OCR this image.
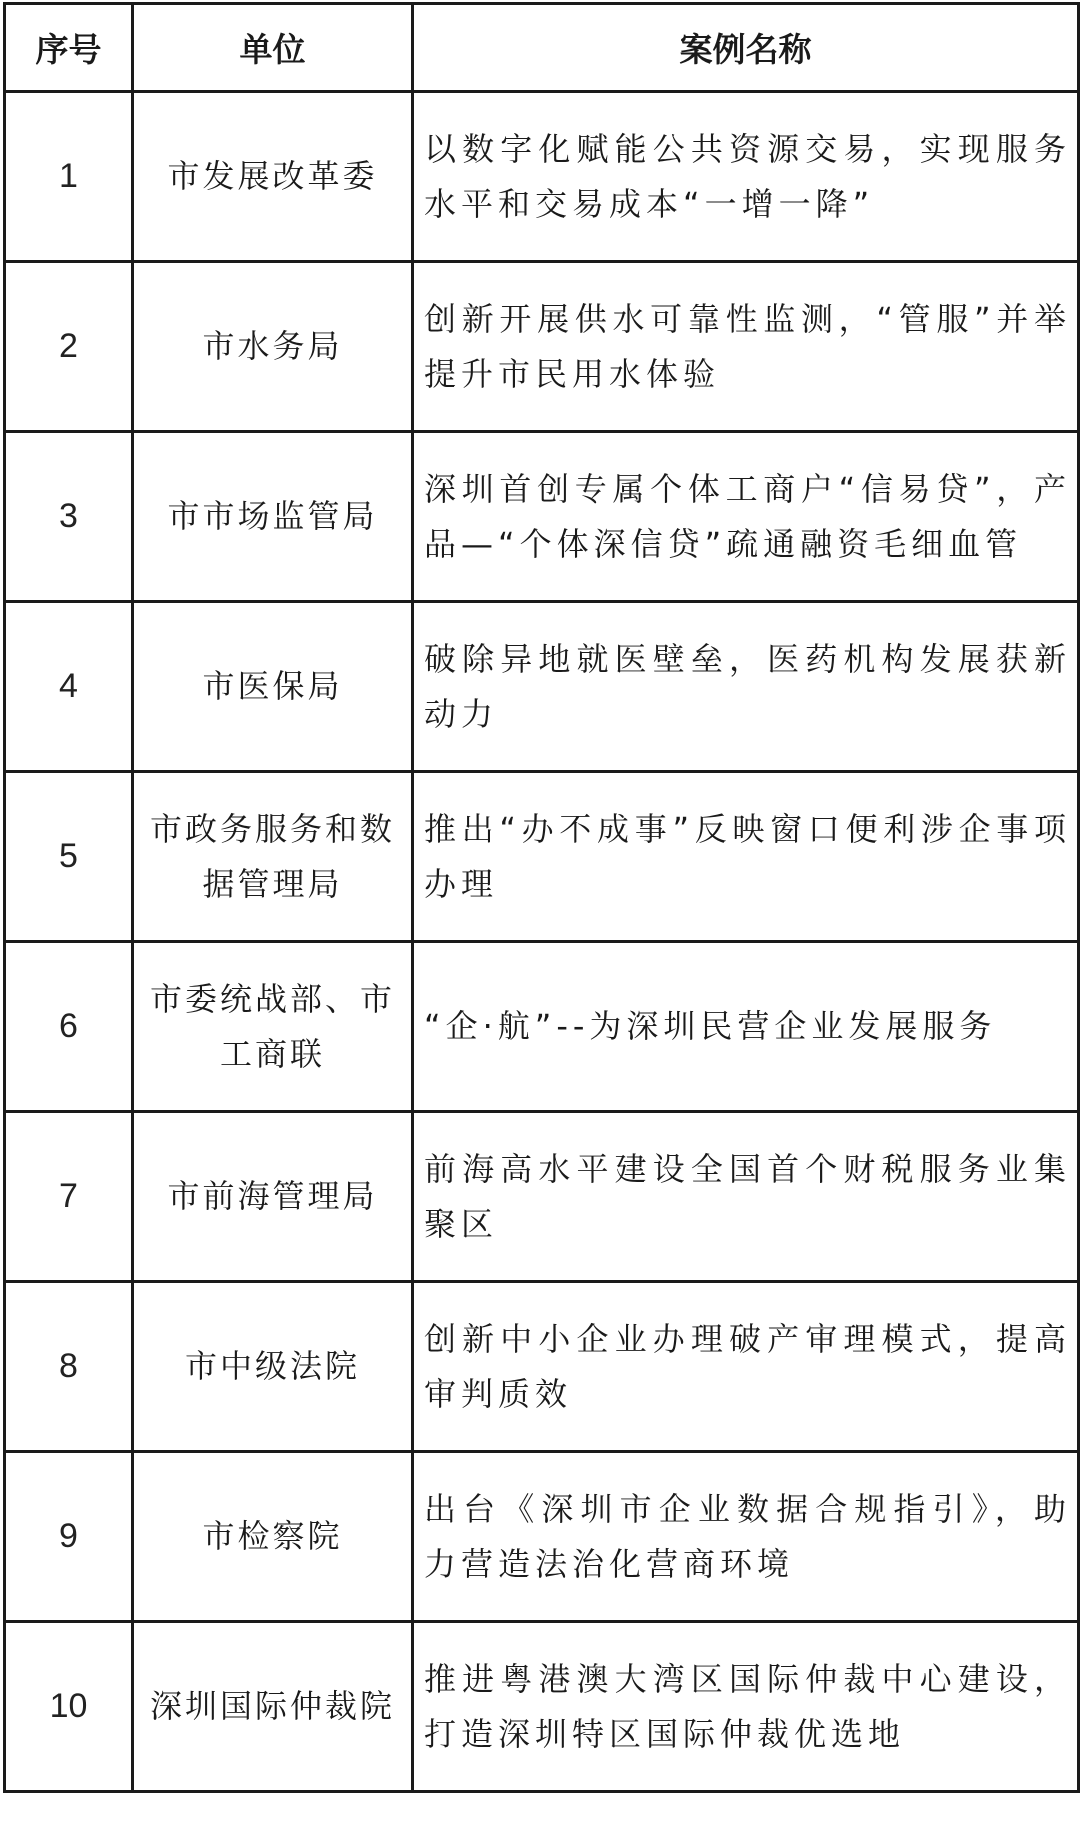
序号	单位	案例名称
1	市发展改革委	以数字化赋能公共资源交易，实现服务水平和交易成本“一增一降”
2	市水务局	创新开展供水可靠性监测，“管服”并举提升市民用水体验
3	市市场监管局	深圳首创专属个体工商户“信易贷”，产品—“个体深信贷”疏通融资毛细血管
4	市医保局	破除异地就医壁垒，医药机构发展获新动力
5	市政务服务和数据管理局	推出“办不成事”反映窗口便利涉企事项办理
6	市委统战部、市工商联	“企·航”--为深圳民营企业发展服务
7	市前海管理局	前海高水平建设全国首个财税服务业集聚区
8	市中级法院	创新中小企业办理破产审理模式，提高审判质效
9	市检察院	出台《深圳市企业数据合规指引》，助力营造法治化营商环境
10	深圳国际仲裁院	推进粤港澳大湾区国际仲裁中心建设，打造深圳特区国际仲裁优选地
